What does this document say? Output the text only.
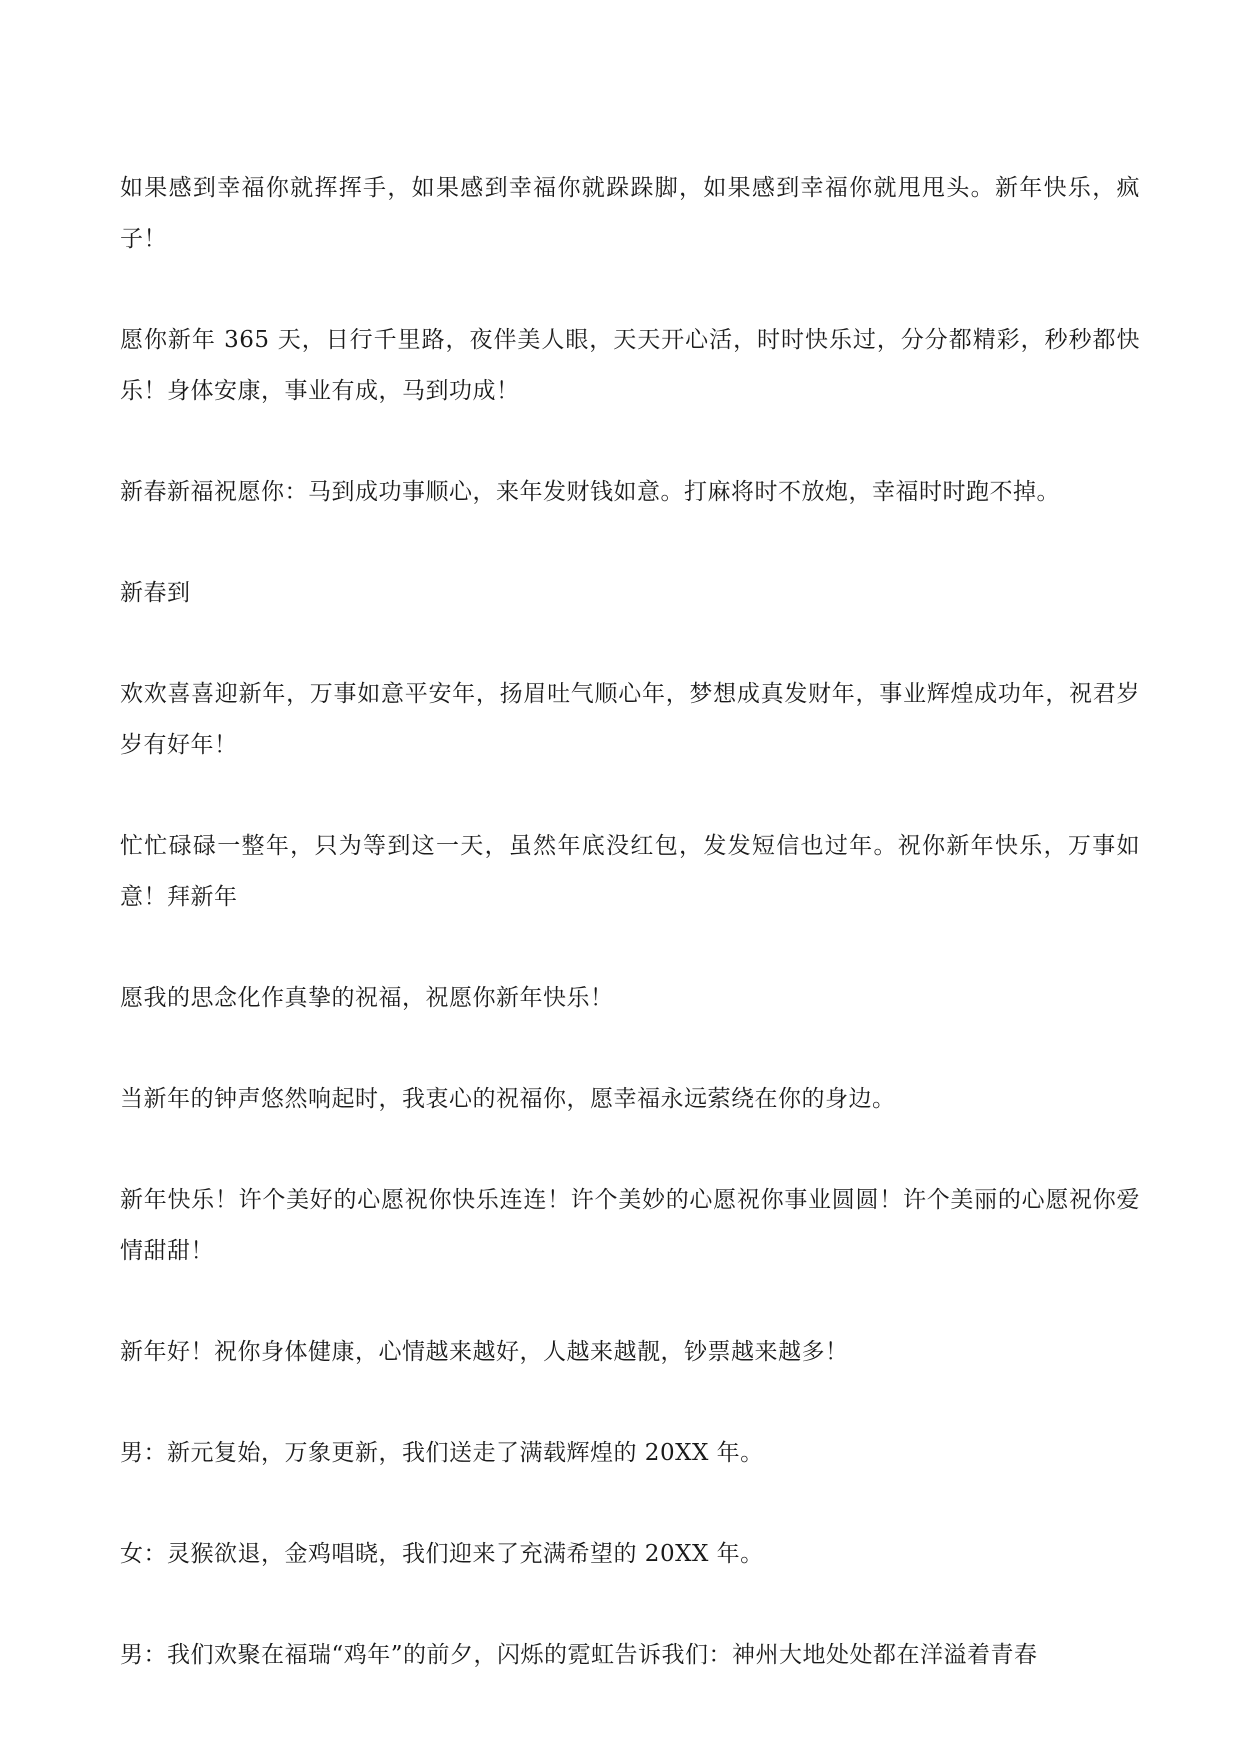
如果感到幸福你就挥挥手，如果感到幸福你就跺跺脚，如果感到幸福你就甩甩头。新年快乐，疯子！

愿你新年 365 天，日行千里路，夜伴美人眼，天天开心活，时时快乐过，分分都精彩，秒秒都快乐！身体安康，事业有成，马到功成！

新春新福祝愿你：马到成功事顺心，来年发财钱如意。打麻将时不放炮，幸福时时跑不掉。

新春到

欢欢喜喜迎新年，万事如意平安年，扬眉吐气顺心年，梦想成真发财年，事业辉煌成功年，祝君岁岁有好年！

忙忙碌碌一整年，只为等到这一天，虽然年底没红包，发发短信也过年。祝你新年快乐，万事如意！拜新年

愿我的思念化作真挚的祝福，祝愿你新年快乐！

当新年的钟声悠然响起时，我衷心的祝福你，愿幸福永远萦绕在你的身边。

新年快乐！许个美好的心愿祝你快乐连连！许个美妙的心愿祝你事业圆圆！许个美丽的心愿祝你爱情甜甜！

新年好！祝你身体健康，心情越来越好，人越来越靓，钞票越来越多！

男：新元复始，万象更新，我们送走了满载辉煌的 20XX 年。

女：灵猴欲退，金鸡唱晓，我们迎来了充满希望的 20XX 年。

男：我们欢聚在福瑞“鸡年”的前夕，闪烁的霓虹告诉我们：神州大地处处都在洋溢着青春
